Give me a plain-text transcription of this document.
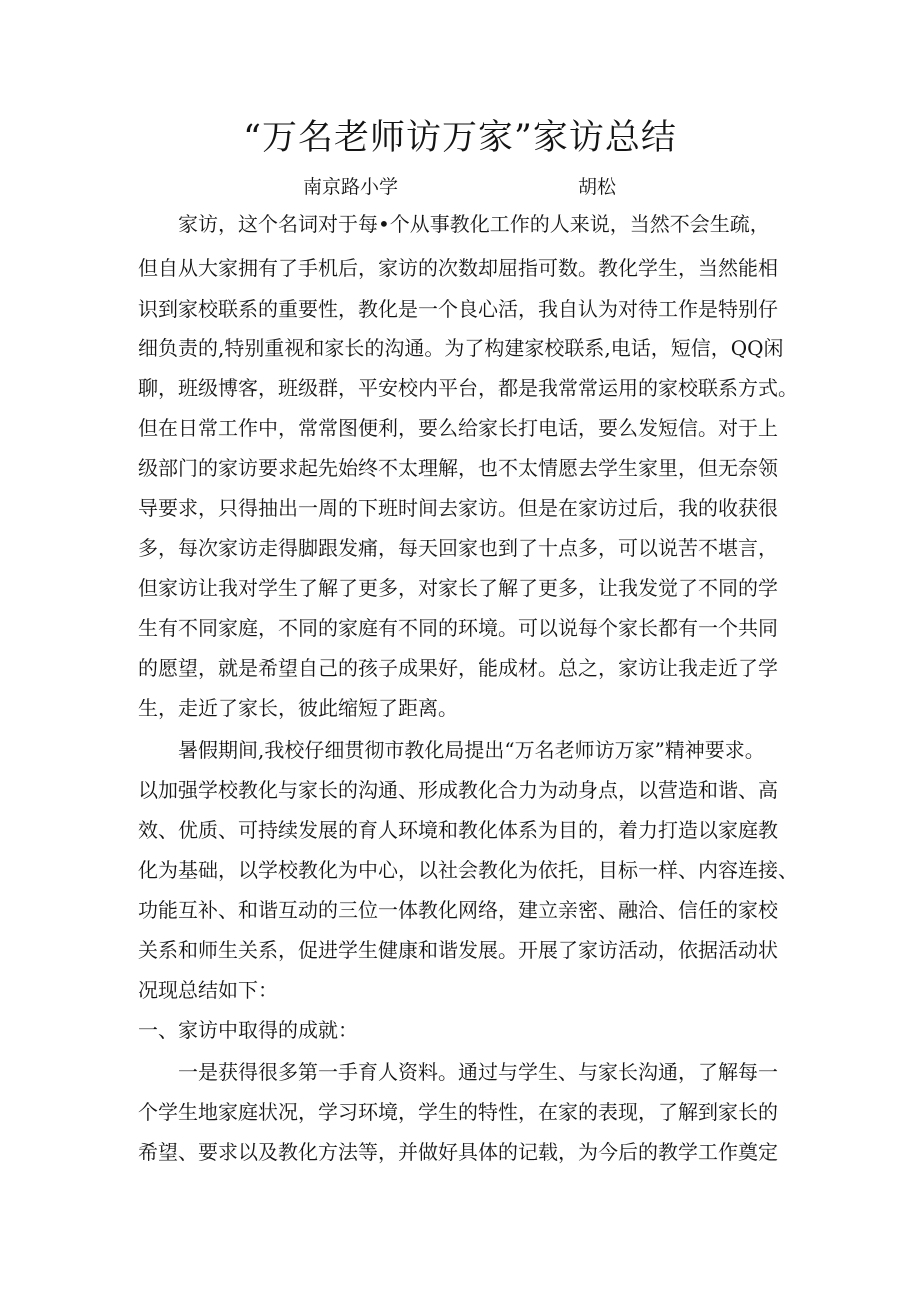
“万名老师访万家”家访总结
南京路小学	胡松
　　家访，这个名词对于每•个从事教化工作的人来说，当然不会生疏，
但自从大家拥有了手机后，家访的次数却屈指可数。教化学生，当然能相
识到家校联系的重要性，教化是一个良心活，我自认为对待工作是特别仔
细负责的,特别重视和家长的沟通。为了构建家校联系,电话，短信，QQ闲
聊，班级博客，班级群，平安校内平台，都是我常常运用的家校联系方式。
但在日常工作中，常常图便利，要么给家长打电话，要么发短信。对于上
级部门的家访要求起先始终不太理解，也不太情愿去学生家里，但无奈领
导要求，只得抽出一周的下班时间去家访。但是在家访过后，我的收获很
多，每次家访走得脚跟发痛，每天回家也到了十点多，可以说苦不堪言，
但家访让我对学生了解了更多，对家长了解了更多，让我发觉了不同的学
生有不同家庭，不同的家庭有不同的环境。可以说每个家长都有一个共同
的愿望，就是希望自己的孩子成果好，能成材。总之，家访让我走近了学
生，走近了家长，彼此缩短了距离。
　　暑假期间,我校仔细贯彻市教化局提出“万名老师访万家”精神要求。
以加强学校教化与家长的沟通、形成教化合力为动身点，以营造和谐、高
效、优质、可持续发展的育人环境和教化体系为目的，着力打造以家庭教
化为基础，以学校教化为中心，以社会教化为依托，目标一样、内容连接、
功能互补、和谐互动的三位一体教化网络，建立亲密、融洽、信任的家校
关系和师生关系，促进学生健康和谐发展。开展了家访活动，依据活动状
况现总结如下：
一、家访中取得的成就：
　　一是获得很多第一手育人资料。通过与学生、与家长沟通，了解每一
个学生地家庭状况，学习环境，学生的特性，在家的表现，了解到家长的
希望、要求以及教化方法等，并做好具体的记载，为今后的教学工作奠定
